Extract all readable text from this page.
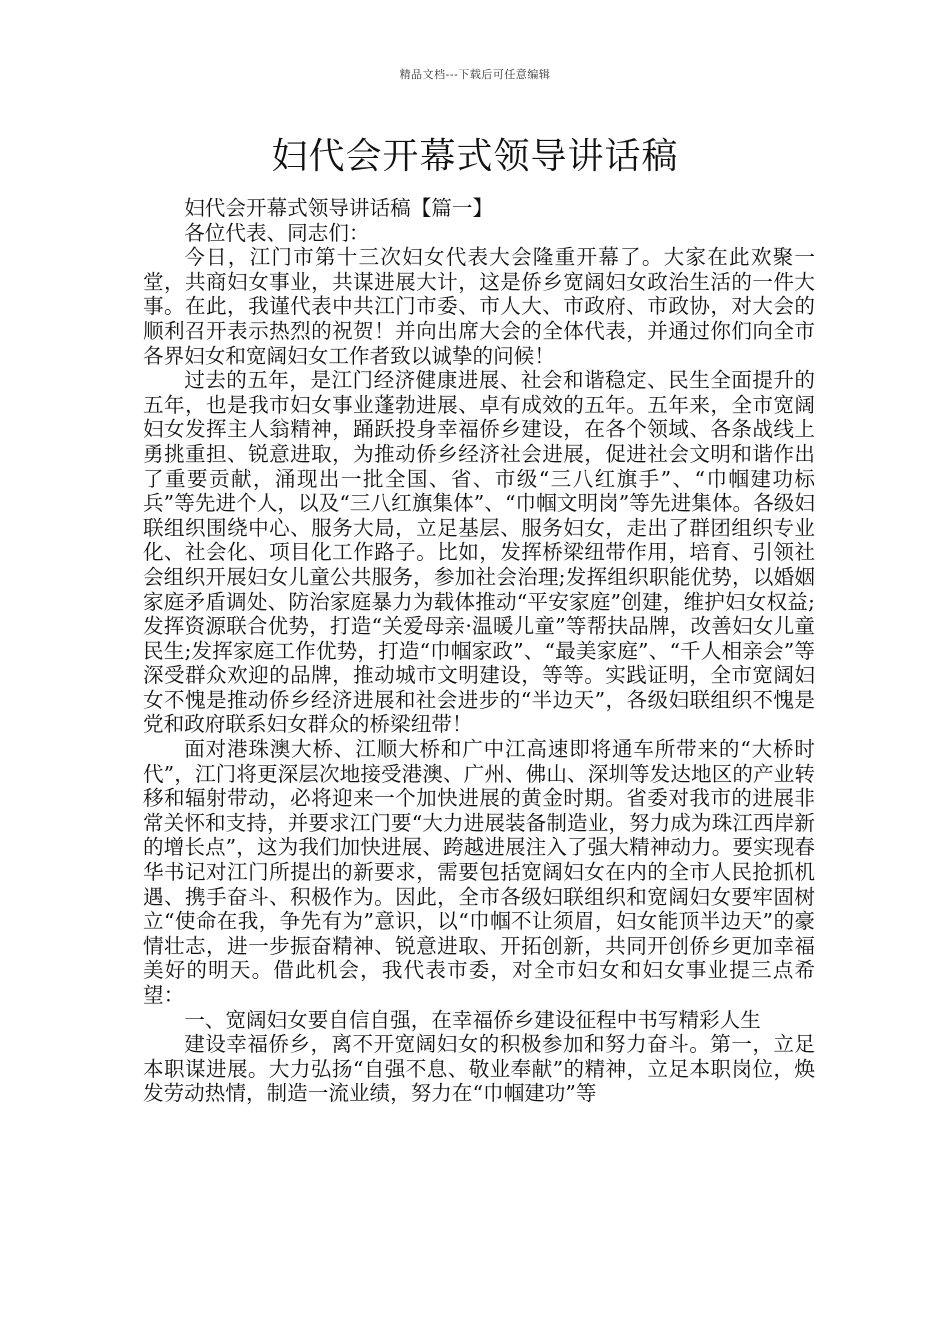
精品文档---下载后可任意编辑
妇代会开幕式领导讲话稿

妇代会开幕式领导讲话稿【篇一】

各位代表、同志们：

今日，江门市第十三次妇女代表大会隆重开幕了。大家在此欢聚一堂，共商妇女事业，共谋进展大计，这是侨乡宽阔妇女政治生活的一件大事。在此，我谨代表中共江门市委、市人大、市政府、市政协，对大会的顺利召开表示热烈的祝贺！并向出席大会的全体代表，并通过你们向全市各界妇女和宽阔妇女工作者致以诚挚的问候！

过去的五年，是江门经济健康进展、社会和谐稳定、民生全面提升的五年，也是我市妇女事业蓬勃进展、卓有成效的五年。五年来，全市宽阔妇女发挥主人翁精神，踊跃投身幸福侨乡建设，在各个领域、各条战线上勇挑重担、锐意进取，为推动侨乡经济社会进展，促进社会文明和谐作出了重要贡献，涌现出一批全国、省、市级“三八红旗手”、“巾帼建功标兵”等先进个人，以及“三八红旗集体”、“巾帼文明岗”等先进集体。各级妇联组织围绕中心、服务大局，立足基层、服务妇女，走出了群团组织专业化、社会化、项目化工作路子。比如，发挥桥梁纽带作用，培育、引领社会组织开展妇女儿童公共服务，参加社会治理;发挥组织职能优势，以婚姻家庭矛盾调处、防治家庭暴力为载体推动“平安家庭”创建，维护妇女权益;发挥资源联合优势，打造“关爱母亲·温暖儿童”等帮扶品牌，改善妇女儿童民生;发挥家庭工作优势，打造“巾帼家政”、“最美家庭”、“千人相亲会”等深受群众欢迎的品牌，推动城市文明建设，等等。实践证明，全市宽阔妇女不愧是推动侨乡经济进展和社会进步的“半边天”，各级妇联组织不愧是党和政府联系妇女群众的桥梁纽带！

面对港珠澳大桥、江顺大桥和广中江高速即将通车所带来的“大桥时代”，江门将更深层次地接受港澳、广州、佛山、深圳等发达地区的产业转移和辐射带动，必将迎来一个加快进展的黄金时期。省委对我市的进展非常关怀和支持，并要求江门要“大力进展装备制造业，努力成为珠江西岸新的增长点”，这为我们加快进展、跨越进展注入了强大精神动力。要实现春华书记对江门所提出的新要求，需要包括宽阔妇女在内的全市人民抢抓机遇、携手奋斗、积极作为。因此，全市各级妇联组织和宽阔妇女要牢固树立“使命在我，争先有为”意识，以“巾帼不让须眉，妇女能顶半边天”的豪情壮志，进一步振奋精神、锐意进取、开拓创新，共同开创侨乡更加幸福美好的明天。借此机会，我代表市委，对全市妇女和妇女事业提三点希望：

一、宽阔妇女要自信自强，在幸福侨乡建设征程中书写精彩人生

建设幸福侨乡，离不开宽阔妇女的积极参加和努力奋斗。第一，立足本职谋进展。大力弘扬“自强不息、敬业奉献”的精神，立足本职岗位，焕发劳动热情，制造一流业绩，努力在“巾帼建功”等
